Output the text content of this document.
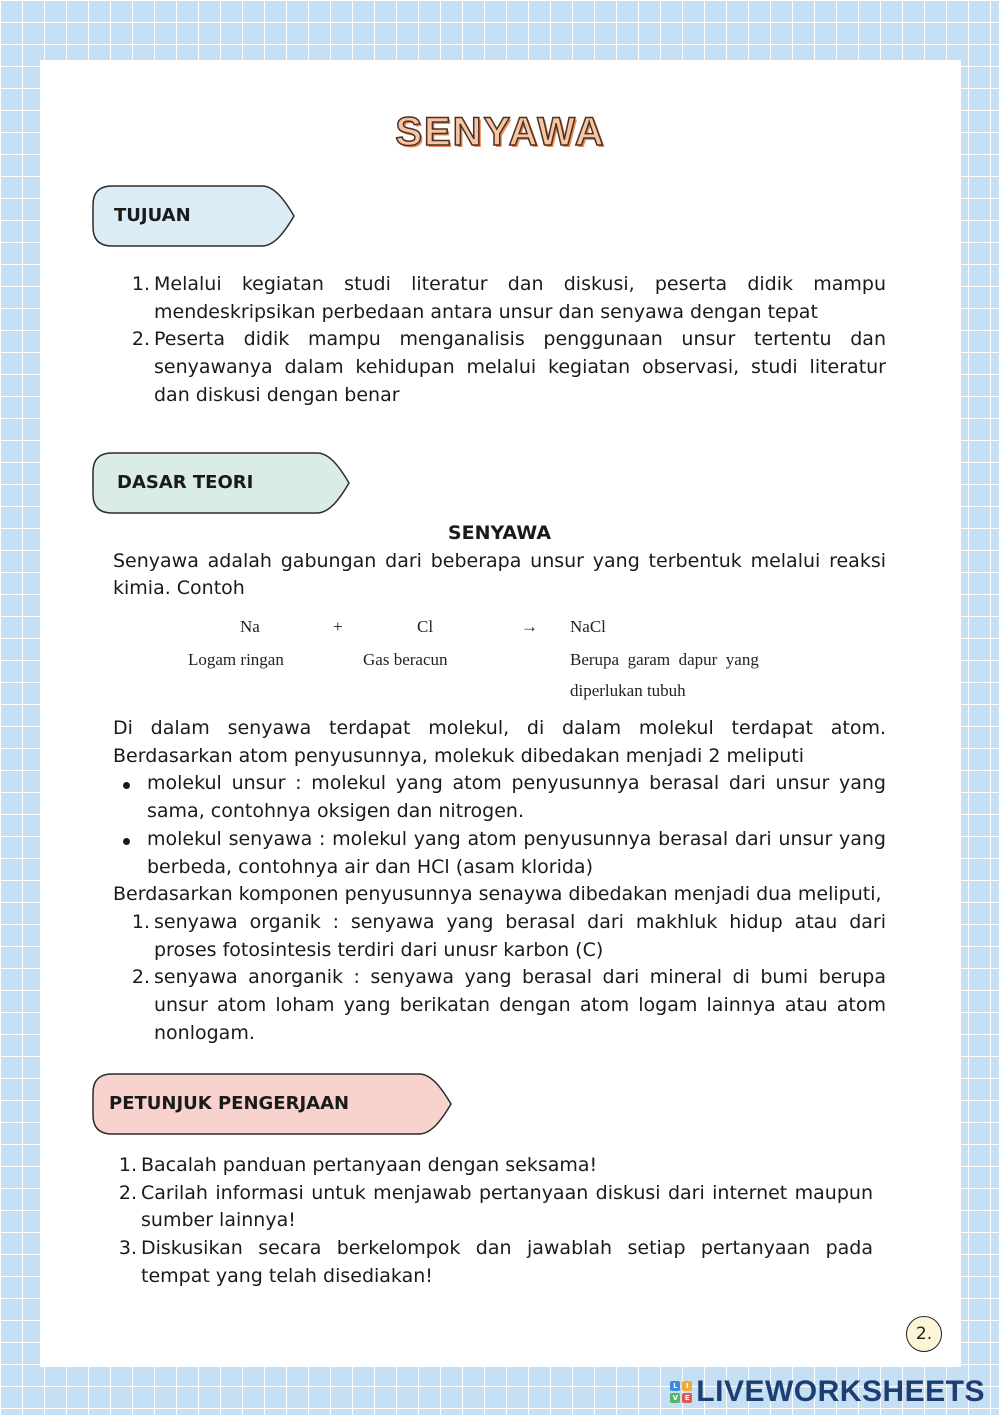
SENYAWA
TUJUAN
1. Melalui kegiatan studi literatur dan diskusi, peserta didik mampu mendeskripsikan perbedaan antara unsur dan senyawa dengan tepat
2. Peserta didik mampu menganalisis penggunaan unsur tertentu dan senyawanya dalam kehidupan melalui kegiatan observasi, studi literatur dan diskusi dengan benar
DASAR TEORI
SENYAWA
Senyawa adalah gabungan dari beberapa unsur yang terbentuk melalui reaksi kimia. Contoh
Na	+	Cl	→ NaCl
Logam ringan	Gas beracun	Berupa  garam  dapur  yang
diperlukan tubuh
Di dalam senyawa terdapat molekul, di dalam molekul terdapat atom. Berdasarkan atom penyusunnya, molekuk dibedakan menjadi 2 meliputi
molekul unsur : molekul yang atom penyusunnya berasal dari unsur yang sama, contohnya oksigen dan nitrogen.
molekul senyawa : molekul yang atom penyusunnya berasal dari unsur yang berbeda, contohnya air dan HCl (asam klorida)
Berdasarkan komponen penyusunnya senaywa dibedakan menjadi dua meliputi,
1. senyawa organik : senyawa yang berasal dari makhluk hidup atau dari proses fotosintesis terdiri dari unusr karbon (C)
2. senyawa anorganik : senyawa yang berasal dari mineral di bumi berupa unsur atom loham yang berikatan dengan atom logam lainnya atau atom nonlogam.
PETUNJUK PENGERJAAN
1. Bacalah panduan pertanyaan dengan seksama!
2. Carilah informasi untuk menjawab pertanyaan diskusi dari internet maupun sumber lainnya!
3. Diskusikan secara berkelompok dan jawablah setiap pertanyaan pada tempat yang telah disediakan!
2.
L	I
V E LIVEWORKSHEETS
